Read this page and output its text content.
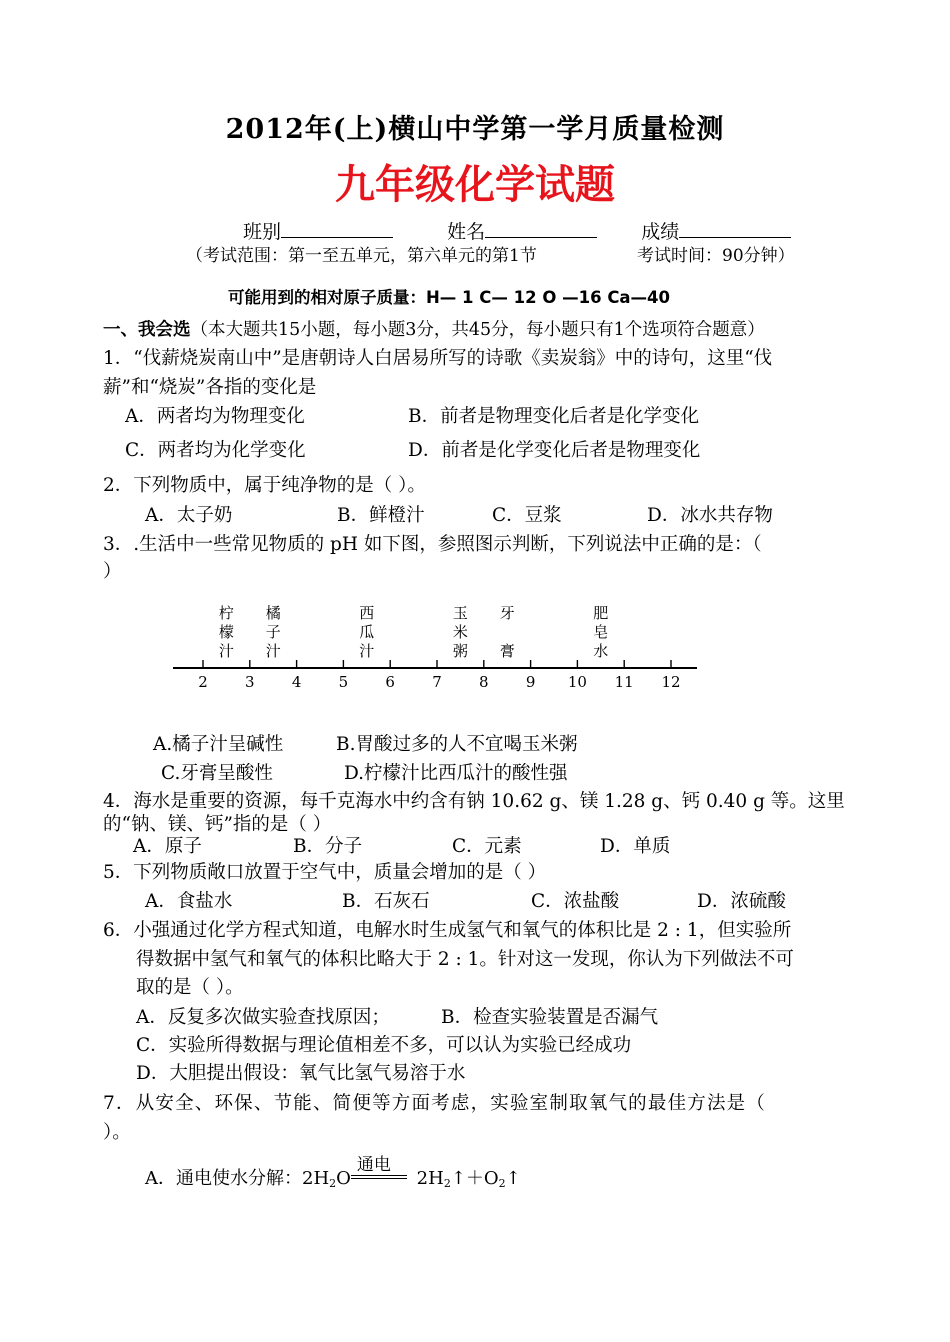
2012年(上)横山中学第一学月质量检测
九年级化学试题
班别	姓名	成绩
（考试范围：第一至五单元，第六单元的第1节	考试时间：90分钟）
可能用到的相对原子质量：H— 1 C— 12 O —16 Ca—40
一、我会选（本大题共15小题，每小题3分，共45分，每小题只有1个选项符合题意）
1．“伐薪烧炭南山中”是唐朝诗人白居易所写的诗歌《卖炭翁》中的诗句，这里“伐
薪”和“烧炭”各指的变化是
A．两者均为物理变化	B．前者是物理变化后者是化学变化
C．两者均为化学变化	D．前者是化学变化后者是物理变化
2．下列物质中，属于纯净物的是（ ）。
A．太子奶	B．鲜橙汁	C．豆浆	D．冰水共存物
3．.生活中一些常见物质的 pH 如下图，参照图示判断，下列说法中正确的是：（
）
2 3 4 5 6 7 8 9 10 11 12
柠
檬
汁
橘
子
汁
西
瓜
汁
玉
米
粥
牙
膏
肥
皂
水
A.橘子汁呈碱性	B.胃酸过多的人不宜喝玉米粥
C.牙膏呈酸性	D.柠檬汁比西瓜汁的酸性强
4．海水是重要的资源，每千克海水中约含有钠 10.62 g、镁 1.28 g、钙 0.40 g 等。这里
的“钠、镁、钙”指的是（ ）
A．原子	B．分子	C．元素	D．单质
5．下列物质敞口放置于空气中，质量会增加的是（ ）
A．食盐水	B．石灰石	C．浓盐酸	D．浓硫酸
6．小强通过化学方程式知道，电解水时生成氢气和氧气的体积比是 2 : 1，但实验所
得数据中氢气和氧气的体积比略大于 2 : 1。针对这一发现，你认为下列做法不可
取的是（ ）。
A．反复多次做实验查找原因；	B．检查实验装置是否漏气
C．实验所得数据与理论值相差不多，可以认为实验已经成功
D．大胆提出假设：氧气比氢气易溶于水
7．从安全、环保、节能、简便等方面考虑，实验室制取氧气的最佳方法是（
）。
A．通电使水分解：$2H_2O$
通电
$2H_2↑+O_2↑$
